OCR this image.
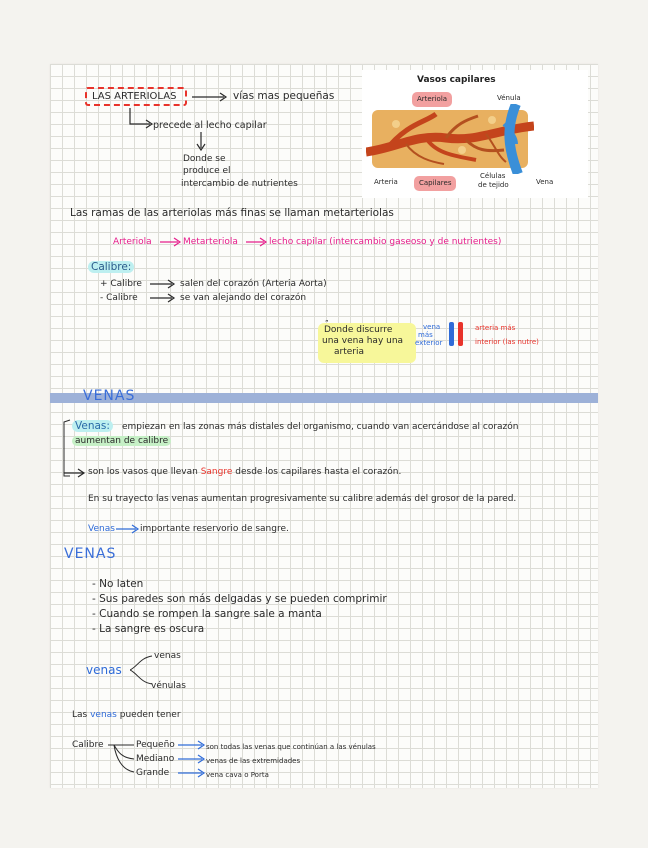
LAS ARTERIOLAS	vías mas pequeñas
precede al lecho capilar
Donde se
produce el
intercambio de nutrientes
Vasos capilares
Arteriola	Vénula
Arteria	Capilares
Células
de tejido	Vena
Las ramas de las arteriolas más finas se llaman metarteriolas
Arteriola	Metarteriola	lecho capilar (intercambio gaseoso y de nutrientes)
Calibre:
+ Calibre	salen del corazón (Arteria Aorta)
- Calibre	se van alejando del corazón
Donde discurre
una vena hay una
arteria
vena
más
exterior
arteria más
interior (las nutre)
VENAS
Venas:	empiezan en las zonas más distales del organismo, cuando van acercándose al corazón
aumentan de calibre
son los vasos que llevan Sangre desde los capilares hasta el corazón.
En su trayecto las venas aumentan progresivamente su calibre además del grosor de la pared.
Venas	importante reservorio de sangre.
VENAS
- No laten
- Sus paredes son más delgadas y se pueden comprimir
- Cuando se rompen la sangre sale a manta
- La sangre es oscura
venas
venas
vénulas
Las venas pueden tener
Calibre	Pequeño	son todas las venas que continúan a las vénulas
Mediano	venas de las extremidades
Grande	vena cava o Porta
